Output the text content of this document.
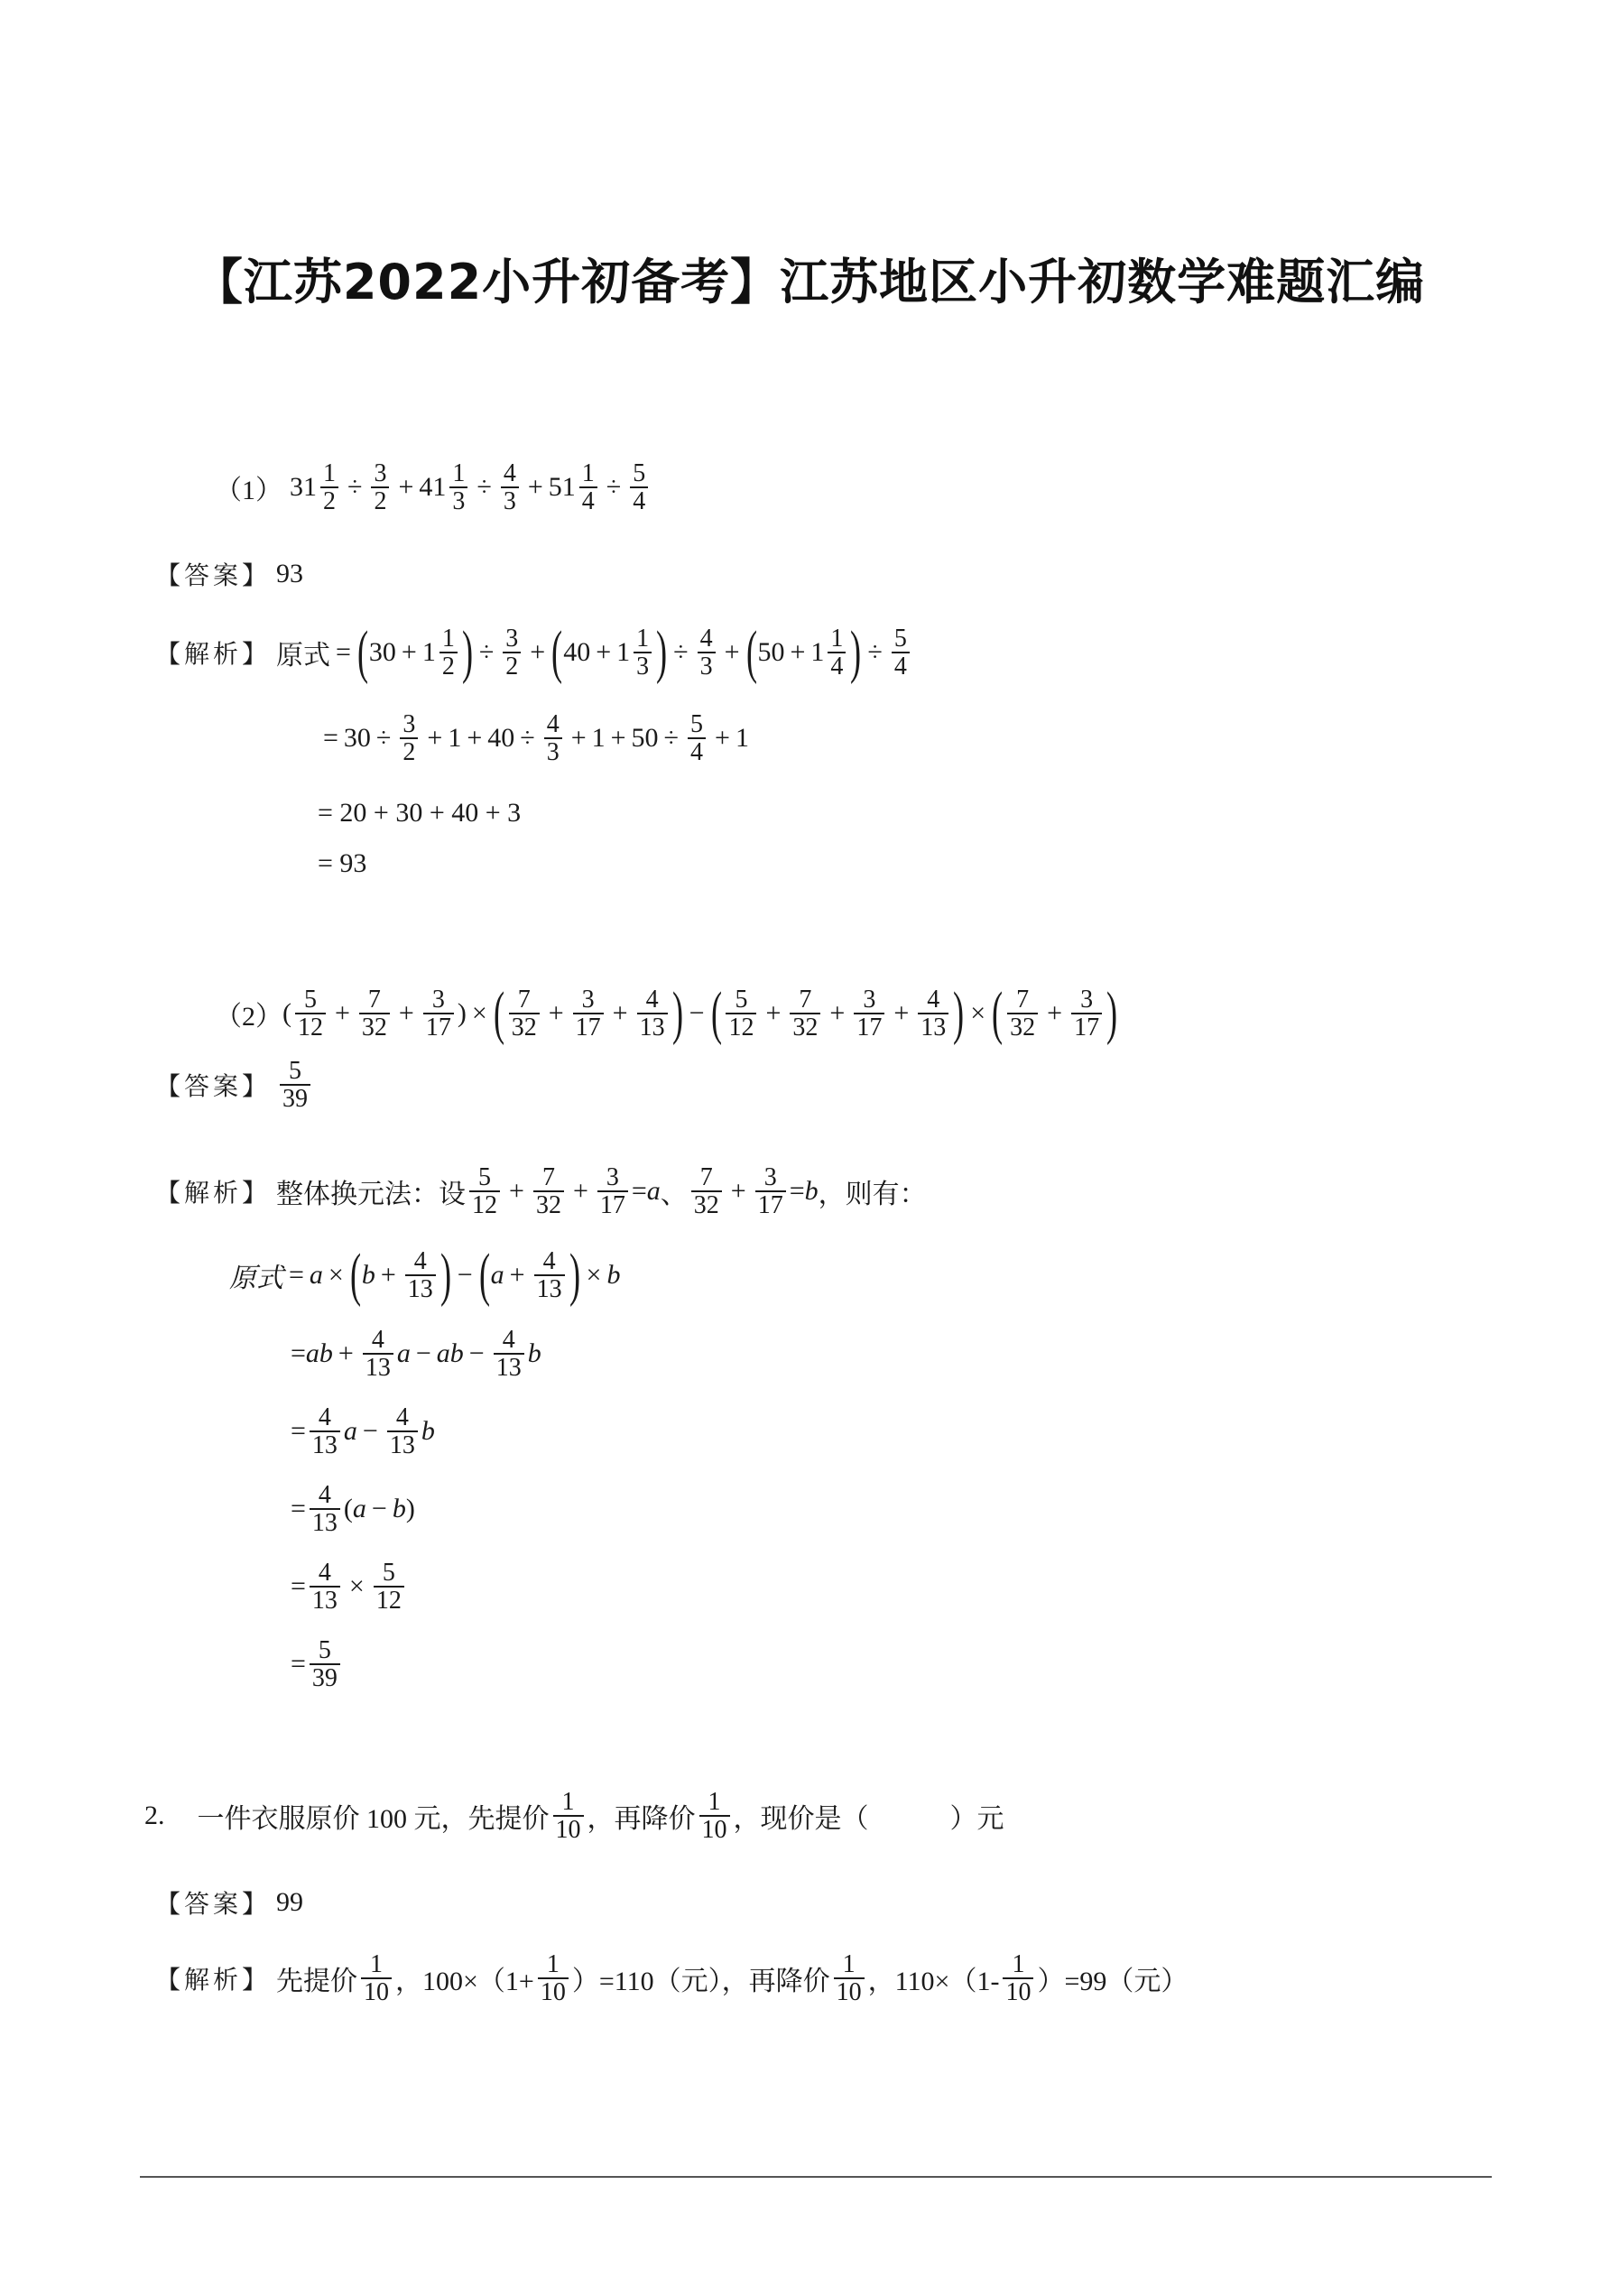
【江苏2022小升初备考】江苏地区小升初数学难题汇编
（1） $31 \frac{1}{2} \div \frac{3}{2} + 41 \frac{1}{3} \div \frac{4}{3} + 51 \frac{1}{4} \div \frac{5}{4}$
【答案】 93
【解析】 原式 = ( $30 + 1 \frac{1}{2}$ ) ÷ $\frac{3}{2}$ + ( $40 + 1 \frac{1}{3}$ ) ÷ $\frac{4}{3}$ + ( $50 + 1 \frac{1}{4}$ ) ÷ $\frac{5}{4}$
= $30 \div \frac{3}{2} + 1 + 40 \div \frac{4}{3} + 1 + 50 \div \frac{5}{4} + 1$
= 20 + 30 + 40 + 3
= 93
（2） ( $\frac{5}{12} + \frac{7}{32} + \frac{3}{17}$ ) × ( $\frac{7}{32} + \frac{3}{17} + \frac{4}{13}$ ) − ( $\frac{5}{12} + \frac{7}{32} + \frac{3}{17} + \frac{4}{13}$ ) × ( $\frac{7}{32} + \frac{3}{17}$ )
【答案】 $\frac{5}{39}$
【解析】 整体换元法：设 $\frac{5}{12} + \frac{7}{32} + \frac{3}{17} = a$ 、 $\frac{7}{32} + \frac{3}{17} = b$ ，则有：
原式 = a × ( $b + \frac{4}{13}$ ) − ( $a + \frac{4}{13}$ ) × b
= ab + $\frac{4}{13}$ a − ab − $\frac{4}{13}$ b
= $\frac{4}{13}$ $a - \frac{4}{13}$ b
= $\frac{4}{13}$ ( a − b )
= $\frac{4}{13} \times \frac{5}{12}$
= $\frac{5}{39}$
2. 一件衣服原价 100 元，先提价 $\frac{1}{10}$ ，再降价 $\frac{1}{10}$ ，现价是（　　　）元
【答案】 99
【解析】 先提价 $\frac{1}{10}$ ，$100\times(1+ \frac{1}{10} )=110$（元），再降价 $\frac{1}{10}$ ，$110\times(1- \frac{1}{10} )=99$（元）
